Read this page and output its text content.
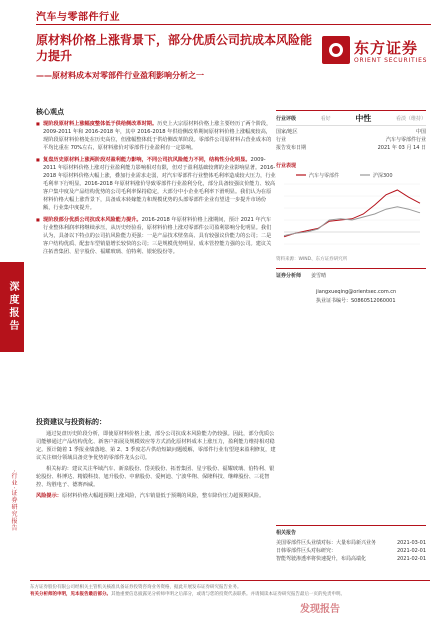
汽车与零部件行业
原材料价格上涨背景下，部分优质公司抗成本风险能力提升
——原材料成本对零部件行业盈利影响分析之一
东方证券
ORIENT SECURITIES
深度报告
·行业·证券研究报告
核心观点
■ 现阶段原材料上涨幅度整体低于供给侧改革时期。历史上大宗原材料价格上涨主要经历了两个阶段，2009-2011 年和 2016-2018 年，其中 2016-2018 年供给侧改革期间原材料价格上涨幅度较高，现阶段原材料价格处在历史高位，但涨幅整体低于供给侧改革阶段。零部件公司原材料占营业成本的平均比重在 70%左右，原材料涨价对零部件行业盈利有一定影响。
■ 复盘历史原材料上涨两阶段对盈利能力影响，不同公司抗风险能力不同，结构性分化明显。2009-2011 年原材料价格上涨对行业盈利能力影响相对有限，但对于盈利基础较薄的企业影响显著。2016-2018 年原材料价格大幅上涨，叠加行业需求走弱，对汽车零部件行业整体毛利率造成较大压力，行业毛利率下行明显。2016-2018 年原材料涨价导致零部件行业盈利分化，部分具备较强议价能力、较高客户集中度及产品结构优势的公司毛利率保持稳定，大部分中小企业毛利率下滑明显。我们认为在原材料价格大幅上涨背景下，具备成本转嫁能力和规模优势的头部零部件企业有望进一步提升市场份额，行业集中度提升。
■ 现阶段部分优质公司抗成本风险能力提升。2016-2018 年原材料价格上涨期间，预计 2021 年汽车行业整体利润率将继续承压，从历史经验看，原材料价格上涨对零部件公司盈利影响分化明显。我们认为，具备以下特点的公司抗风险能力更强：一是产品技术壁垒高、具有较强议价能力的公司；二是客户结构优质、配套车型销量增长较快的公司；三是规模优势明显、成本管控能力强的公司。建议关注拓普集团、星宇股份、福耀玻璃、伯特利、银轮股份等。
投资建议与投资标的：
通过复盘历史阶段分析，即使原材料价格上涨，部分公司抗成本风险能力仍较强。因此，部分优质公司能够通过产品结构优化、新客户拓展及规模效应等方式消化原材料成本上涨压力，盈利能力维持相对稳定。预计随着 1 季报业绩落地、第 2、3 季度芯片供给短缺问题缓解，零部件行业有望迎来盈利修复，建议关注细分领域具备竞争优势的零部件龙头公司。
相关标的：建议关注华域汽车、新泉股份、岱美股份、拓普集团、星宇股份、福耀玻璃、伯特利、银轮股份、科博达、精锻科技、旭升股份、中鼎股份、爱柯迪、宁波华翔、保隆科技、继峰股份、三花智控、均胜电子、德赛西威。
风险提示：原材料价格大幅超预期上涨风险，汽车销量低于预期的风险，整车降价压力超预期风险。
行业评级	看好	中性	看淡（维持）
国家/地区	中国
行业	汽车与零部件行业
报告发布日期	2021 年 03 月 14 日
行业表现
汽车与零部件	沪深300
资料来源：WIND、东方证券研究所
证券分析师 姜雪晴
jiangxueqing@orientsec.com.cn
执业证书编号：S0860512060001
相关报告
美国零部件巨头业绩对标：大量布局新兴业务	2021-03-01
日韩零部件巨头对标研究：	2021-02-01
智能驾驶渗透率将快速提升，布局高端化	2021-02-01
东方证券股份有限公司经相关主管机关核准具备证券投资咨询业务资格，据此开展发布证券研究报告业务。
有关分析师的申明，见本报告最后部分。其他重要信息披露见分析师申明之后部分，或请与您的投资代表联系。并请阅读本证券研究报告最后一页的免责申明。
发现报告
